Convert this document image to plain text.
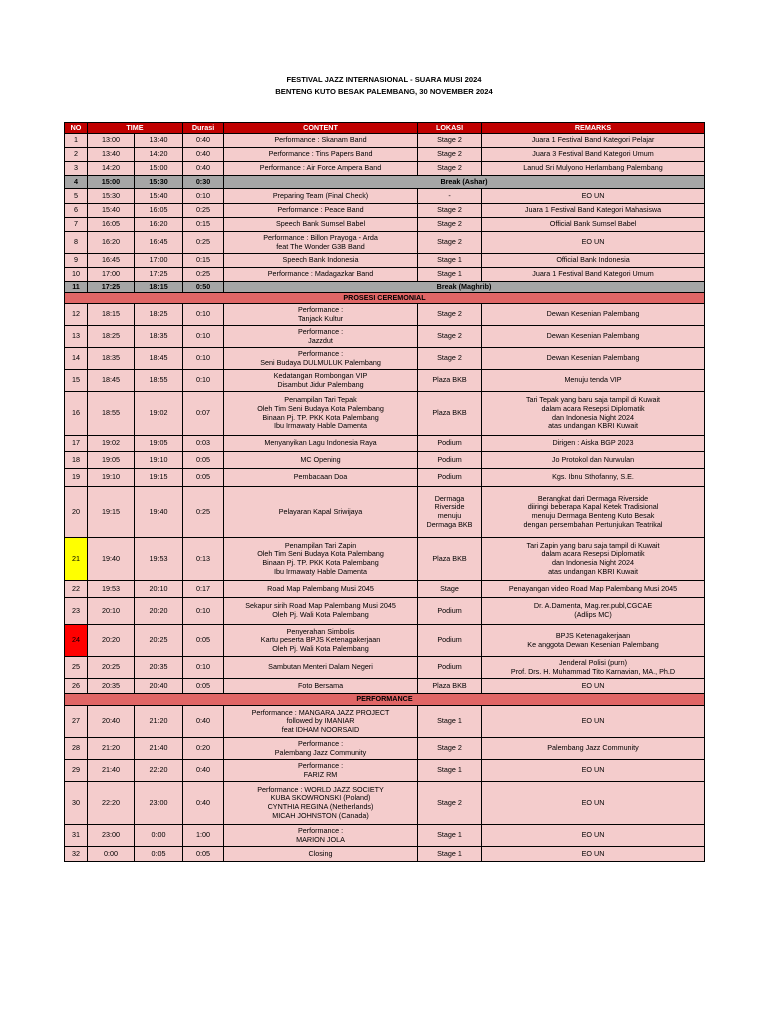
FESTIVAL JAZZ INTERNASIONAL - SUARA MUSI 2024
BENTENG KUTO BESAK PALEMBANG, 30 NOVEMBER 2024
NO	TIME		Durasi	CONTENT	LOKASI	REMARKS
1	13:00	13:40	0:40	Performance : Skanam Band	Stage 2	Juara 1 Festival Band Kategori Pelajar

2	13:40	14:20	0:40	Performance : Tins Papers Band	Stage 2	Juara 3 Festival Band Kategori Umum

3	14:20	15:00	0:40	Performance : Air Force Ampera Band	Stage 2	Lanud Sri Mulyono Herlambang Palembang

4	15:00	15:30	0:30	Break (Ashar)		
5	15:30	15:40	0:10	Preparing Team (Final Check)	-	EO UN

6	15:40	16:05	0:25	Performance : Peace Band	Stage 2	Juara 1 Festival Band Kategori Mahasiswa

7	16:05	16:20	0:15	Speech Bank Sumsel Babel	Stage 2	Official Bank Sumsel Babel

8	16:20	16:45	0:25	Performance : Billon Prayoga - Arda
feat The Wonder G3B Band	Stage 2	EO UN

9	16:45	17:00	0:15	Speech Bank Indonesia	Stage 1	Official Bank Indonesia

10	17:00	17:25	0:25	Performance : Madagazkar Band	Stage 1	Juara 1 Festival Band Kategori Umum

11	17:25	18:15	0:50	Break (Maghrib)		
PROSESI CEREMONIAL						
12	18:15	18:25	0:10	Performance :
Tanjack Kultur	Stage 2	Dewan Kesenian Palembang

13	18:25	18:35	0:10	Performance :
Jazzdut	Stage 2	Dewan Kesenian Palembang

14	18:35	18:45	0:10	Performance :
Seni Budaya DULMULUK Palembang	Stage 2	Dewan Kesenian Palembang

15	18:45	18:55	0:10	Kedatangan Rombongan VIP
Disambut Jidur Palembang	Plaza BKB	Menuju tenda VIP

16	18:55	19:02	0:07	Penampilan Tari Tepak
Oleh Tim Seni Budaya Kota Palembang
Binaan Pj. TP. PKK Kota Palembang
Ibu Irmawaty Hable Damenta	Plaza BKB	Tari Tepak yang baru saja tampil di Kuwait
dalam acara Resepsi Diplomatik
dan Indonesia Night 2024
atas undangan KBRI Kuwait

17	19:02	19:05	0:03	Menyanyikan Lagu Indonesia Raya	Podium	Dirigen : Aiska BGP 2023

18	19:05	19:10	0:05	MC Opening	Podium	Jo Protokol dan Nurwulan

19	19:10	19:15	0:05	Pembacaan Doa	Podium	Kgs. Ibnu Sthofanny, S.E.

20	19:15	19:40	0:25	Pelayaran Kapal Sriwijaya	Dermaga
Riverside
menuju
Dermaga BKB	Berangkat dari Dermaga Riverside
diiringi beberapa Kapal Ketek Tradisional
menuju Dermaga Benteng Kuto Besak
dengan persembahan Pertunjukan Teatrikal

21	19:40	19:53	0:13	Penampilan Tari Zapin
Oleh Tim Seni Budaya Kota Palembang
Binaan Pj. TP. PKK Kota Palembang
Ibu Irmawaty Hable Damenta	Plaza BKB	Tari Zapin yang baru saja tampil di Kuwait
dalam acara Resepsi Diplomatik
dan Indonesia Night 2024
atas undangan KBRI Kuwait

22	19:53	20:10	0:17	Road Map Palembang Musi 2045	Stage	Penayangan video Road Map Palembang Musi 2045

23	20:10	20:20	0:10	Sekapur sirih Road Map Palembang Musi 2045
Oleh Pj. Wali Kota Palembang	Podium	Dr. A.Damenta, Mag.rer.publ,CGCAE
(Adlips MC)

24	20:20	20:25	0:05	Penyerahan Simbolis
Kartu peserta BPJS Ketenagakerjaan
Oleh Pj. Wali Kota Palembang	Podium	BPJS Ketenagakerjaan
Ke anggota Dewan Kesenian Palembang

25	20:25	20:35	0:10	Sambutan Menteri Dalam Negeri	Podium	Jenderal Polisi (purn)
Prof. Drs. H. Muhammad Tito Karnavian, MA., Ph.D

26	20:35	20:40	0:05	Foto Bersama	Plaza BKB	EO UN

PERFORMANCE						
27	20:40	21:20	0:40	Performance : MANGARA JAZZ PROJECT
followed by IMANIAR
feat IDHAM NOORSAID	Stage 1	EO UN

28	21:20	21:40	0:20	Performance :
Palembang Jazz Community	Stage 2	Palembang Jazz Community

29	21:40	22:20	0:40	Performance :
FARIZ RM	Stage 1	EO UN

30	22:20	23:00	0:40	Performance : WORLD JAZZ SOCIETY
KUBA SKOWRONSKI (Poland)
CYNTHIA REGINA (Netherlands)
MICAH JOHNSTON (Canada)	Stage 2	EO UN

31	23:00	0:00	1:00	Performance :
MARION JOLA	Stage 1	EO UN

32	0:00	0:05	0:05	Closing	Stage 1	EO UN
